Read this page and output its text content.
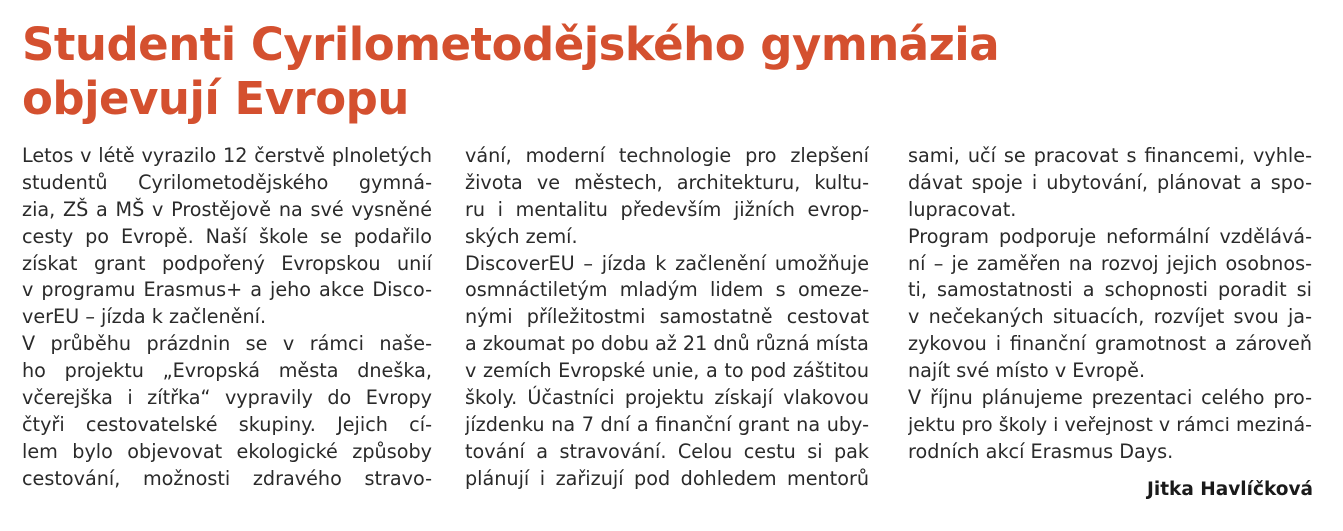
Studenti Cyrilometodějského gymnázia
objevují Evropu
Letos v létě vyrazilo 12 čerstvě plnoletých
studentů Cyrilometodějského gymná-
zia, ZŠ a MŠ v Prostějově na své vysněné
cesty po Evropě. Naší škole se podařilo
získat grant podpořený Evropskou unií
v programu Erasmus+ a jeho akce Disco-
verEU – jízda k začlenění.
V průběhu prázdnin se v rámci naše-
ho projektu „Evropská města dneška,
včerejška i zítřka“ vypravily do Evropy
čtyři cestovatelské skupiny. Jejich cí-
lem bylo objevovat ekologické způsoby
cestování, možnosti zdravého stravo-
vání, moderní technologie pro zlepšení
života ve městech, architekturu, kultu-
ru i mentalitu především jižních evrop-
ských zemí.
DiscoverEU – jízda k začlenění umožňuje
osmnáctiletým mladým lidem s omeze-
nými příležitostmi samostatně cestovat
a zkoumat po dobu až 21 dnů různá místa
v zemích Evropské unie, a to pod záštitou
školy. Účastníci projektu získají vlakovou
jízdenku na 7 dní a finanční grant na uby-
tování a stravování. Celou cestu si pak
plánují i zařizují pod dohledem mentorů
sami, učí se pracovat s financemi, vyhle-
dávat spoje i ubytování, plánovat a spo-
lupracovat.
Program podporuje neformální vzdělává-
ní – je zaměřen na rozvoj jejich osobnos-
ti, samostatnosti a schopnosti poradit si
v nečekaných situacích, rozvíjet svou ja-
zykovou i finanční gramotnost a zároveň
najít své místo v Evropě.
V říjnu plánujeme prezentaci celého pro-
jektu pro školy i veřejnost v rámci meziná-
rodních akcí Erasmus Days.
Jitka Havlíčková
